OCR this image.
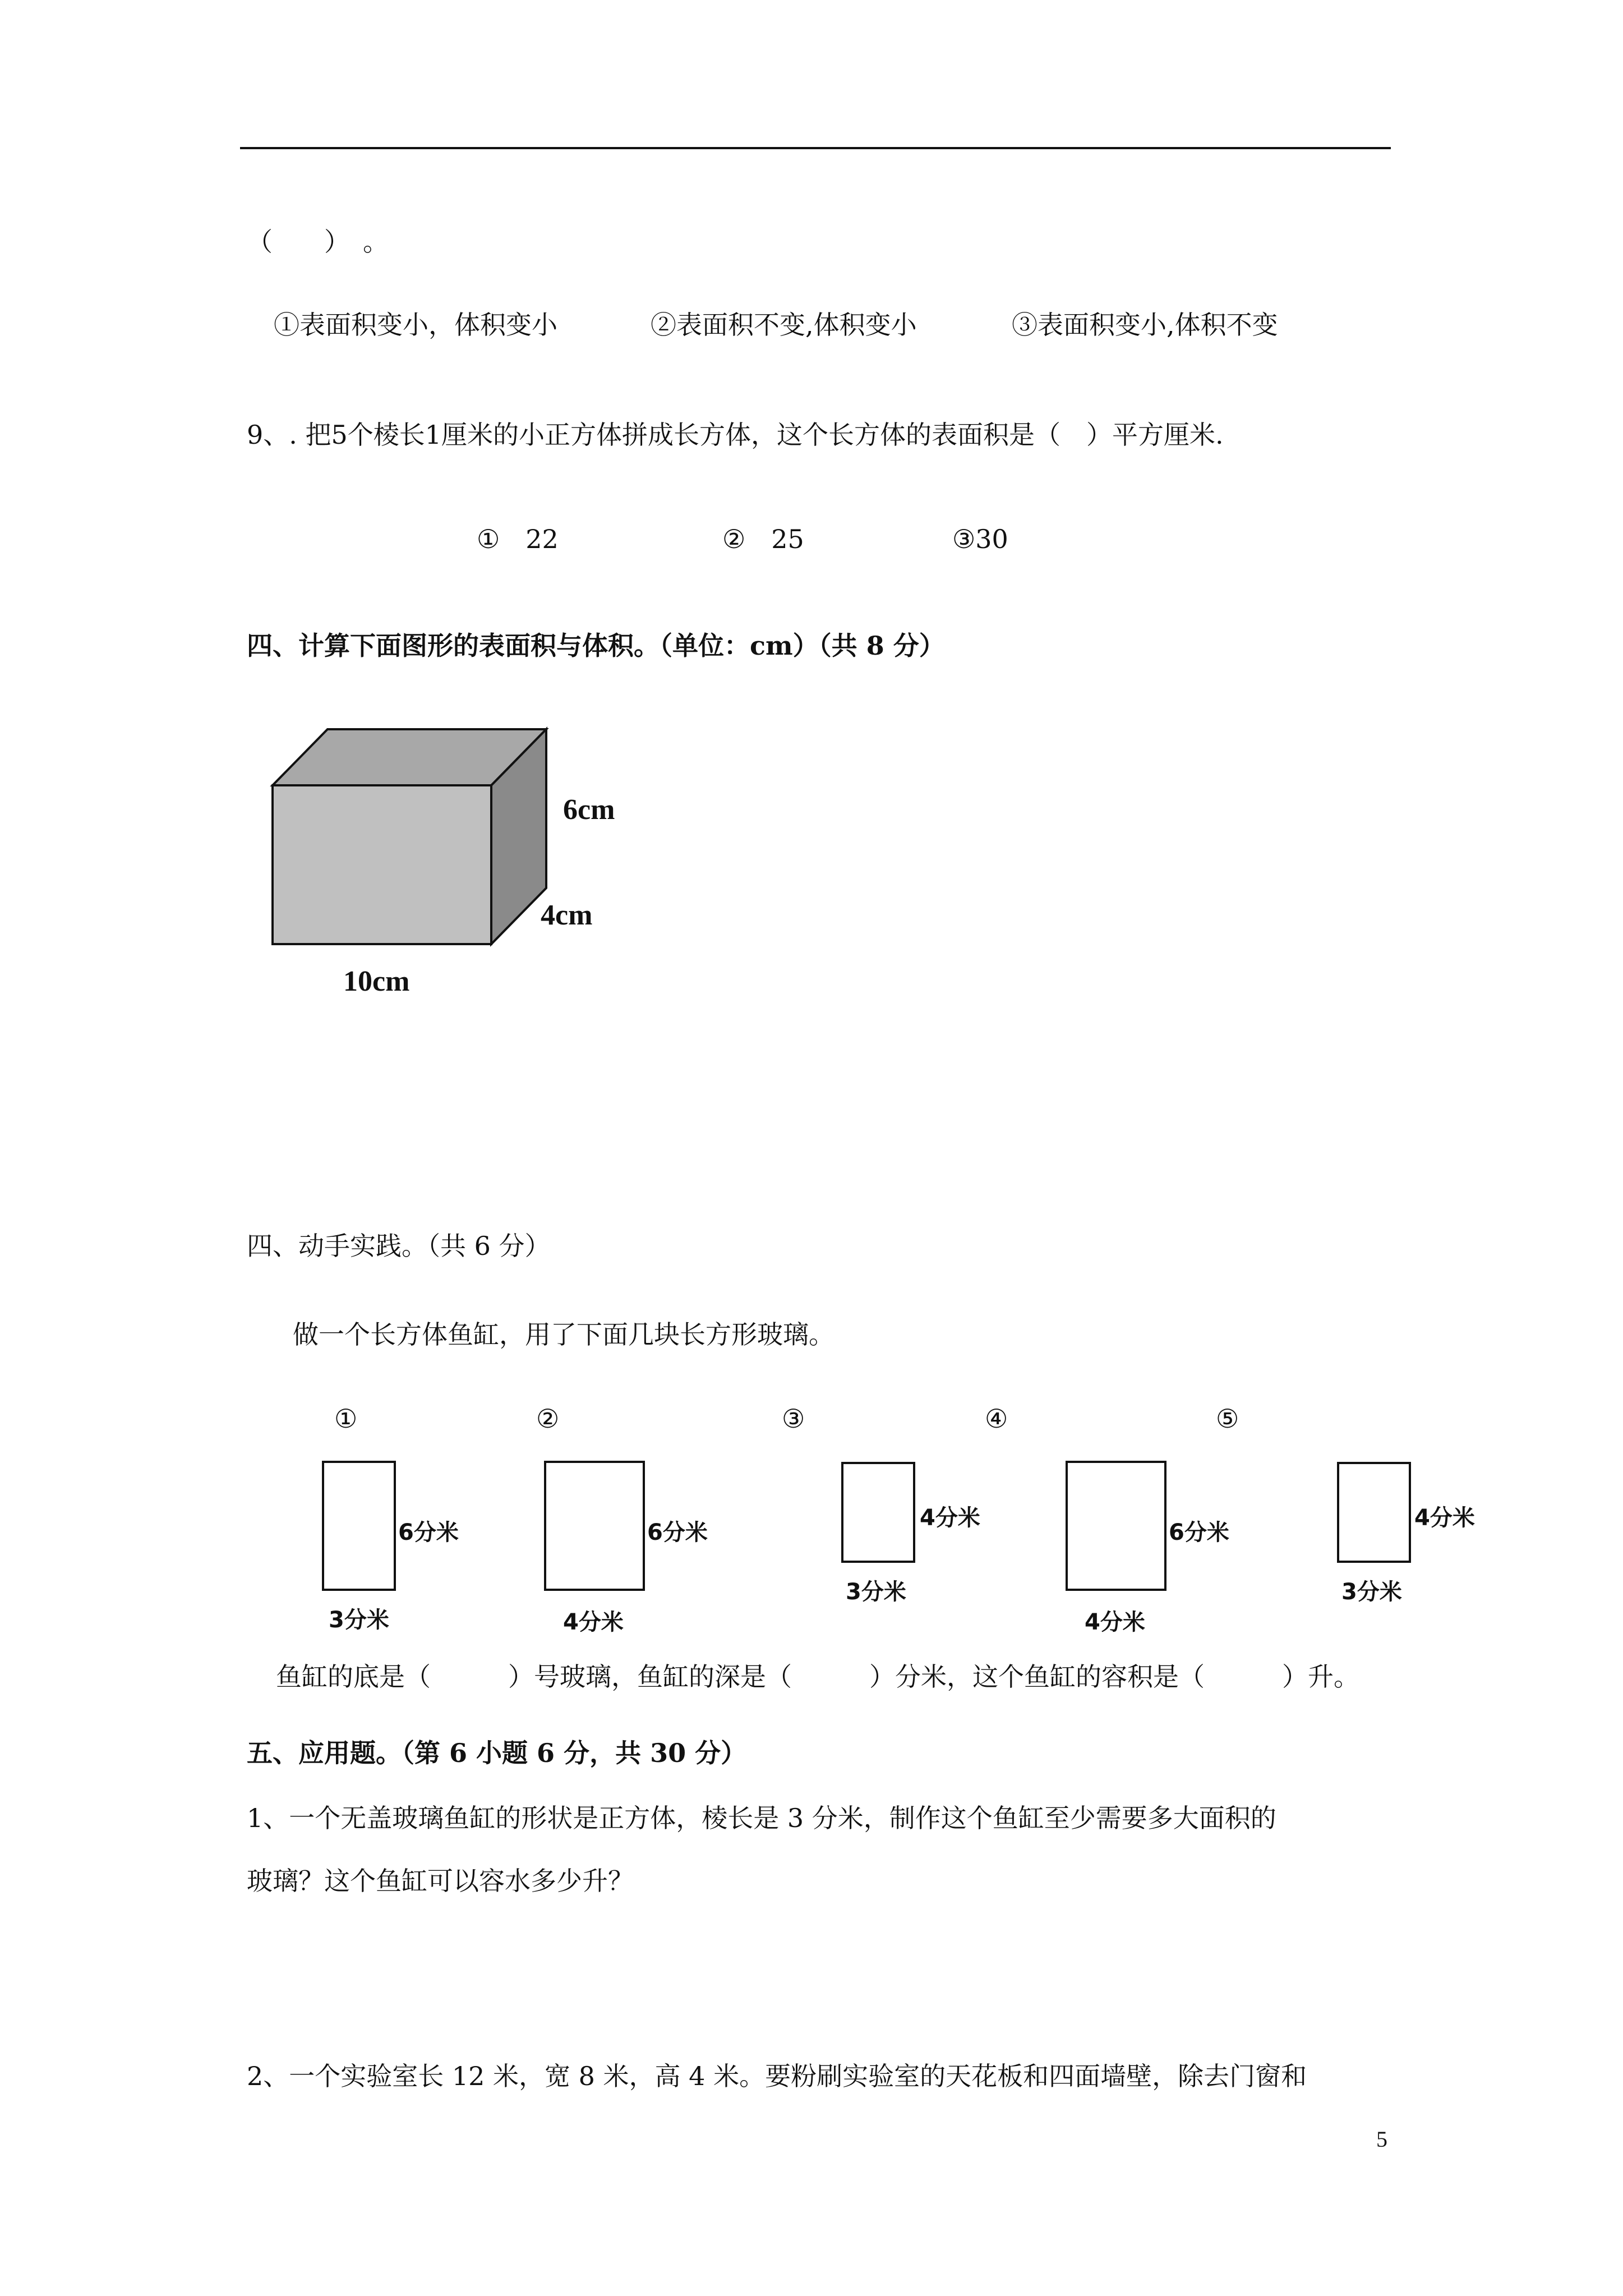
（　　）　。
①表面积变小，体积变小	②表面积不变,体积变小	③表面积变小,体积不变
9、. 把5个棱长1厘米的小正方体拼成长方体，这个长方体的表面积是（　）平方厘米.
①　22	②　25	③30
四、计算下面图形的表面积与体积。（单位：cm）（共 8 分）
6cm
4cm
10cm
四、动手实践。（共 6 分）
做一个长方体鱼缸，用了下面几块长方形玻璃。
①
6分米
3分米
②
6分米
4分米
③
4分米
3分米
④
6分米
4分米
⑤
4分米
3分米
鱼缸的底是（　　　）号玻璃，鱼缸的深是（　　　）分米，这个鱼缸的容积是（　　　）升。
五、应用题。（第 6 小题 6 分，共 30 分）
1、一个无盖玻璃鱼缸的形状是正方体，棱长是 3 分米，制作这个鱼缸至少需要多大面积的
玻璃？这个鱼缸可以容水多少升？
2、一个实验室长 12 米，宽 8 米，高 4 米。要粉刷实验室的天花板和四面墙壁，除去门窗和
5
